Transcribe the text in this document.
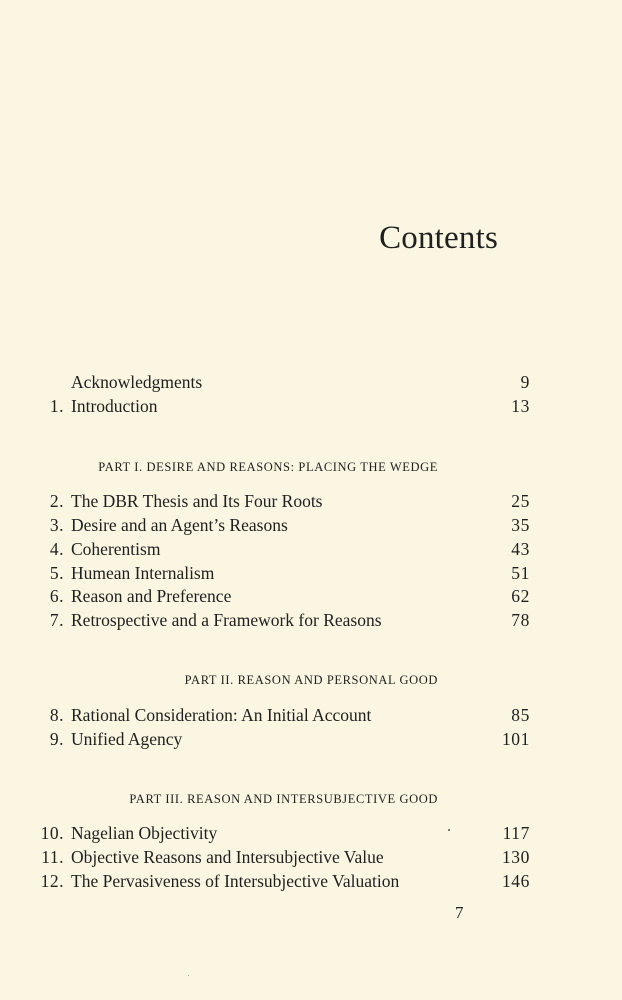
Contents
Acknowledgments	9
1. Introduction	13
PART I. DESIRE AND REASONS: PLACING THE WEDGE
2. The DBR Thesis and Its Four Roots	25
3. Desire and an Agent’s Reasons	35
4. Coherentism	43
5. Humean Internalism	51
6. Reason and Preference	62
7. Retrospective and a Framework for Reasons	78
PART II. REASON AND PERSONAL GOOD
8. Rational Consideration: An Initial Account	85
9. Unified Agency	101
PART III. REASON AND INTERSUBJECTIVE GOOD
10. Nagelian Objectivity	117
11. Objective Reasons and Intersubjective Value	130
12. The Pervasiveness of Intersubjective Valuation	146
7
